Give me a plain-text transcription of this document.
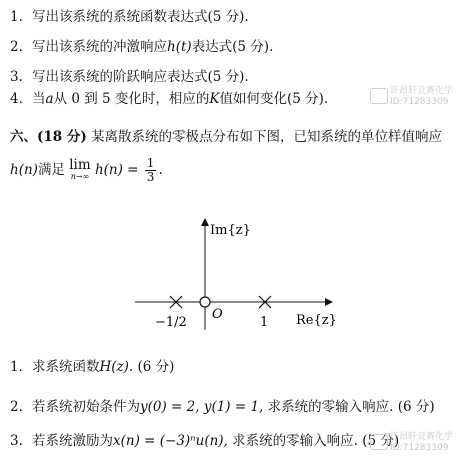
1. 写出该系统的系统函数表达式(5 分).
2. 写出该系统的冲激响应h(t)表达式(5 分).
3. 写出该系统的阶跃响应表达式(5 分).
4. 当a从 0 到 5 变化时，相应的K值如何变化(5 分).	许昂轩竞赛化学
ID:71283309
六、(18 分) 某离散系统的零极点分布如下图，已知系统的单位样值响应
h(n)满足 lim
n→∞ $h(n) = \frac{1}{3}$ .
Im{z}
Re{z}
O
−1/2	1
1. 求系统函数H(z). (6 分)
2. 若系统初始条件为y(0) = 2, y(1) = 1, 求系统的零输入响应. (6 分)
3. 若系统激励为x(n) = (−3)ⁿu(n), 求系统的零输入响应. (5 分)
许昂轩竞赛化学
ID:71283309
